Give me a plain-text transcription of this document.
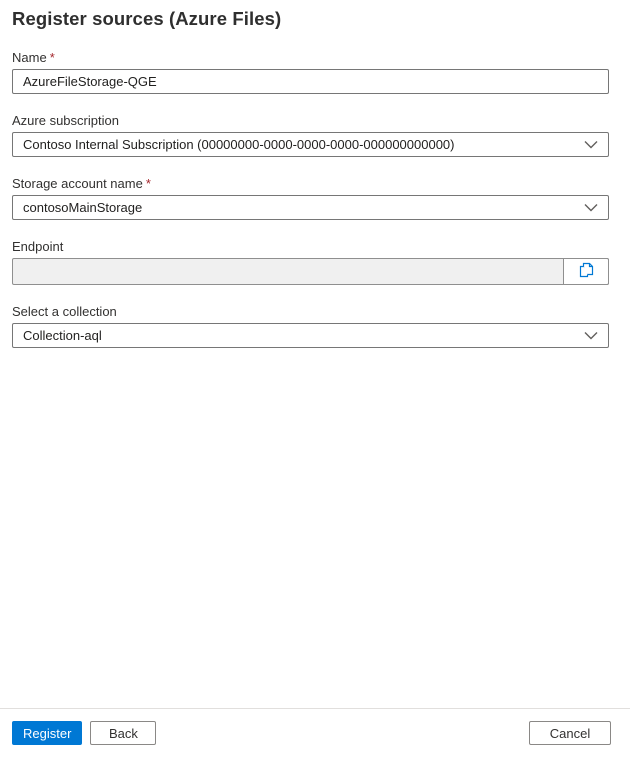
Register sources (Azure Files)
Name *
AzureFileStorage-QGE
Azure subscription
Contoso Internal Subscription (00000000-0000-0000-0000-000000000000)
Storage account name *
contosoMainStorage
Endpoint
Select a collection
Collection-aql
Register	Back	Cancel
